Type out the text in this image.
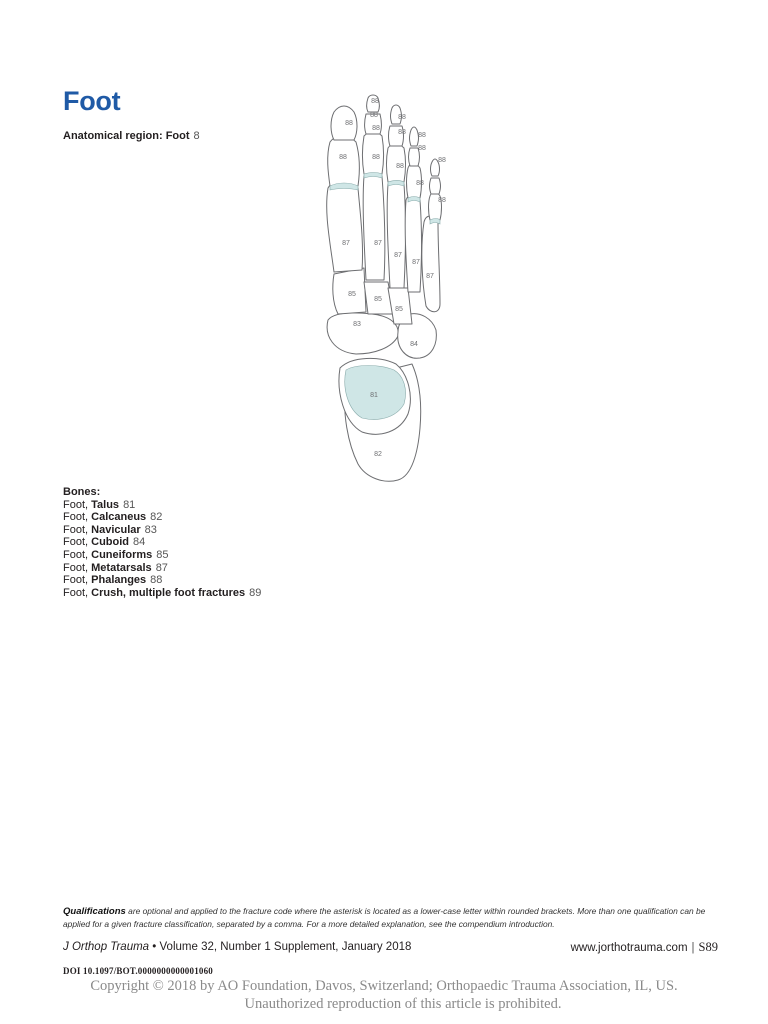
Foot
Anatomical region: Foot 8
88
88
88
88
88
88 88
88
88	88
88
88
88
88
87	87
87
87
87
85
85
85
83
84
81
82
Bones:
Foot, Talus 81
Foot, Calcaneus 82
Foot, Navicular 83
Foot, Cuboid 84
Foot, Cuneiforms 85
Foot, Metatarsals 87
Foot, Phalanges 88
Foot, Crush, multiple foot fractures 89
Qualifications are optional and applied to the fracture code where the asterisk is located as a lower-case letter within rounded brackets. More than one qualification can be applied for a given fracture classification, separated by a comma. For a more detailed explanation, see the compendium introduction.
J Orthop Trauma • Volume 32, Number 1 Supplement, January 2018	www.jorthotrauma.com | S89
DOI 10.1097/BOT.0000000000001060
Copyright © 2018 by AO Foundation, Davos, Switzerland; Orthopaedic Trauma Association, IL, US.
Unauthorized reproduction of this article is prohibited.
